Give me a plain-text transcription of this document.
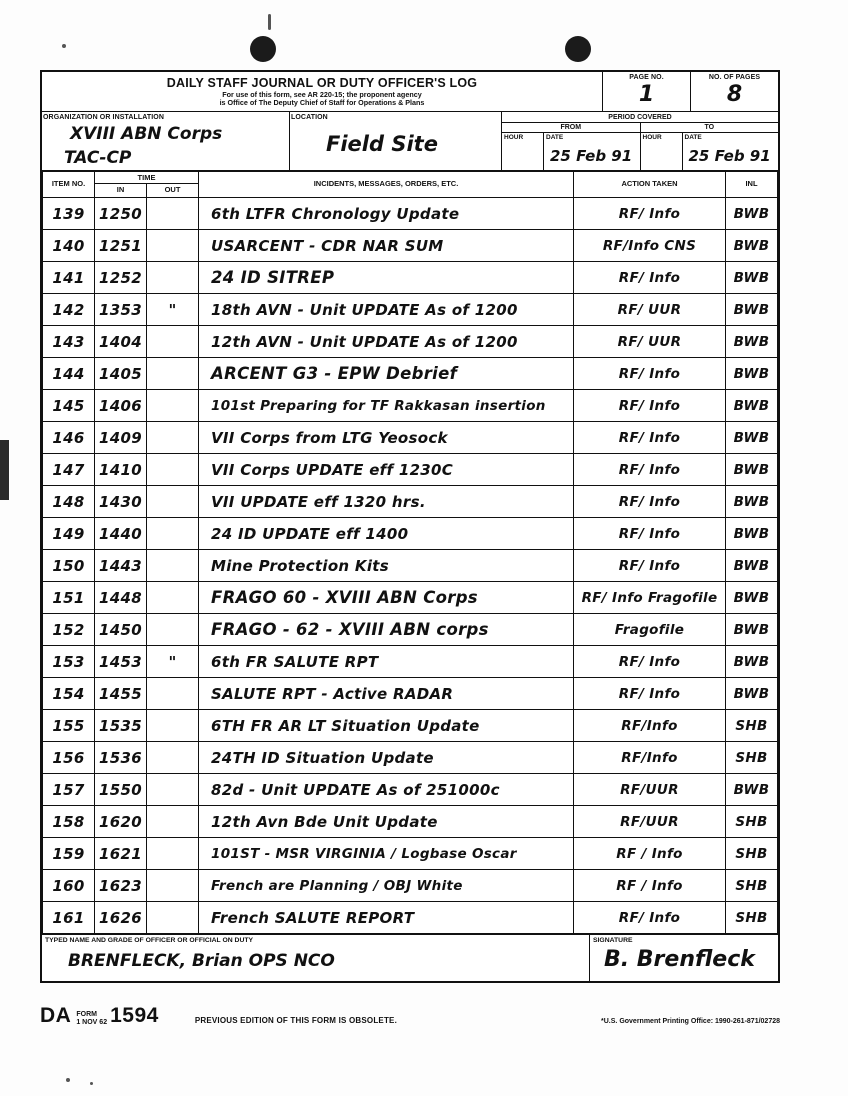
DAILY STAFF JOURNAL OR DUTY OFFICER'S LOG
For use of this form, see AR 220-15; the proponent agency
is Office of The Deputy Chief of Staff for Operations & Plans
PAGE NO.
1
NO. OF PAGES
8
ORGANIZATION OR INSTALLATION
XVIII ABN Corps
TAC-CP
LOCATION
Field Site
PERIOD COVERED
FROM	TO
HOUR	DATE
25 Feb 91
HOUR	DATE
25 Feb 91
ITEM NO.	TIME
IN OUT		INCIDENTS, MESSAGES, ORDERS, ETC.	ACTION TAKEN	INL
139	1250		6th LTFR Chronology Update	RF/ Info	BWB
140	1251		USARCENT - CDR NAR SUM	RF/Info CNS	BWB
141	1252		24 ID SITREP	RF/ Info	BWB
142	1353	"	18th AVN - Unit UPDATE As of 1200	RF/ UUR	BWB
143	1404		12th AVN - Unit UPDATE As of 1200	RF/ UUR	BWB
144	1405		ARCENT G3 - EPW Debrief	RF/ Info	BWB
145	1406		101st Preparing for TF Rakkasan insertion	RF/ Info	BWB
146	1409		VII Corps from LTG Yeosock	RF/ Info	BWB
147	1410		VII Corps UPDATE eff 1230C	RF/ Info	BWB
148	1430		VII UPDATE eff 1320 hrs.	RF/ Info	BWB
149	1440		24 ID UPDATE eff 1400	RF/ Info	BWB
150	1443		Mine Protection Kits	RF/ Info	BWB
151	1448		FRAGO 60 - XVIII ABN Corps	RF/ Info Fragofile	BWB
152	1450		FRAGO - 62 - XVIII ABN corps	Fragofile	BWB
153	1453	"	6th FR SALUTE RPT	RF/ Info	BWB
154	1455		SALUTE RPT - Active RADAR	RF/ Info	BWB
155	1535		6TH FR AR LT Situation Update	RF/Info	SHB
156	1536		24TH ID Situation Update	RF/Info	SHB
157	1550		82d - Unit UPDATE As of 251000c	RF/UUR	BWB
158	1620		12th Avn Bde Unit Update	RF/UUR	SHB
159	1621		101ST - MSR VIRGINIA / Logbase Oscar	RF / Info	SHB
160	1623		French are Planning / OBJ White	RF / Info	SHB
161	1626		French SALUTE REPORT	RF/ Info	SHB
TYPED NAME AND GRADE OF OFFICER OR OFFICIAL ON DUTY
BRENFLECK, Brian OPS NCO
SIGNATURE
B. Brenfleck
DA FORM
1 NOV 62 1594	PREVIOUS EDITION OF THIS FORM IS OBSOLETE.	*U.S. Government Printing Office: 1990-261-871/02728
